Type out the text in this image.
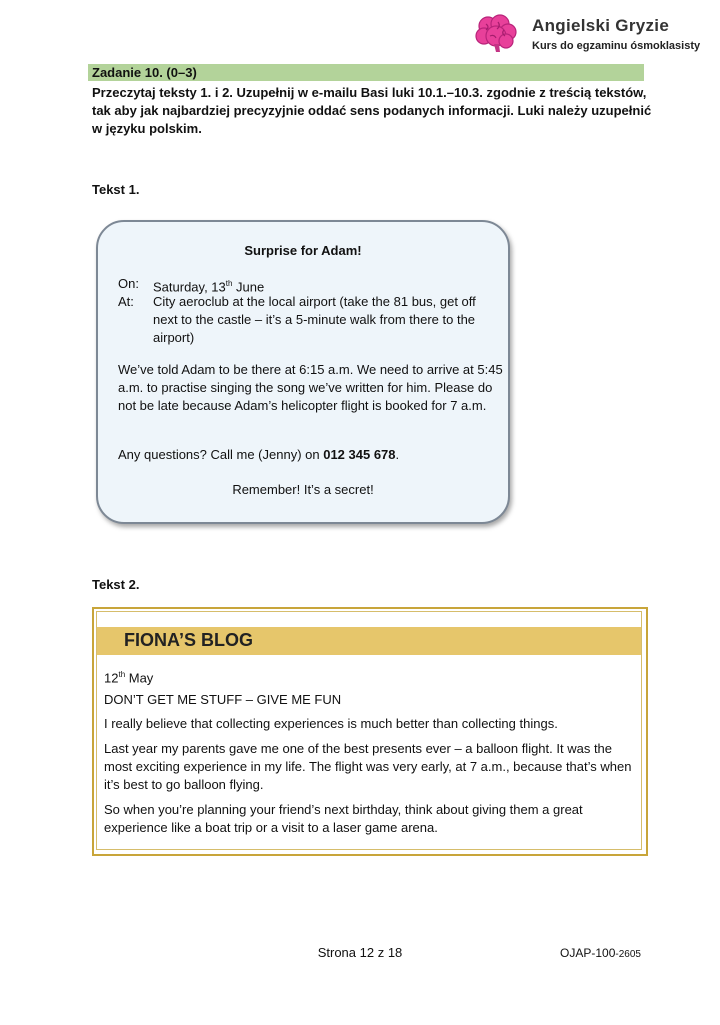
Angielski Gryzie
Kurs do egzaminu ósmoklasisty
Zadanie 10. (0–3)
Przeczytaj teksty 1. i 2. Uzupełnij w e-mailu Basi luki 10.1.–10.3. zgodnie z treścią tekstów, tak aby jak najbardziej precyzyjnie oddać sens podanych informacji. Luki należy uzupełnić w języku polskim.
Tekst 1.
Surprise for Adam!
On: Saturday, 13th June
At: City aeroclub at the local airport (take the 81 bus, get off next to the castle – it’s a 5-minute walk from there to the airport)
We’ve told Adam to be there at 6:15 a.m. We need to arrive at 5:45 a.m. to practise singing the song we’ve written for him. Please do not be late because Adam’s helicopter flight is booked for 7 a.m.
Any questions? Call me (Jenny) on 012 345 678.
Remember! It’s a secret!
Tekst 2.
FIONA’S BLOG
12th May
DON’T GET ME STUFF – GIVE ME FUN
I really believe that collecting experiences is much better than collecting things.
Last year my parents gave me one of the best presents ever – a balloon flight. It was the most exciting experience in my life. The flight was very early, at 7 a.m., because that’s when it’s best to go balloon flying.
So when you’re planning your friend’s next birthday, think about giving them a great experience like a boat trip or a visit to a laser game arena.
Strona 12 z 18	OJAP-100-2605
